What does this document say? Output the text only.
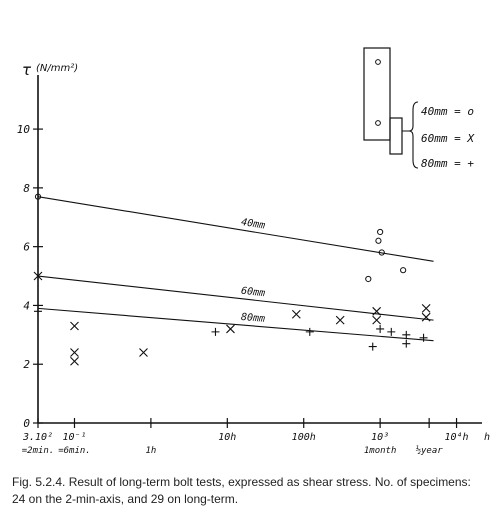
τ (N/mm²)
0
2
4
6
8
10
3.10²
=2min.
10⁻¹
=6min.	1h
10h	100h	10³
1month ½year
10⁴h h
40mm
60mm
80mm
40mm = o
60mm = X
80mm = +

Fig. 5.2.4. Result of long-term bolt tests, expressed as shear stress. No. of specimens: 24 on the 2-min-axis, and 29 on long-term.
